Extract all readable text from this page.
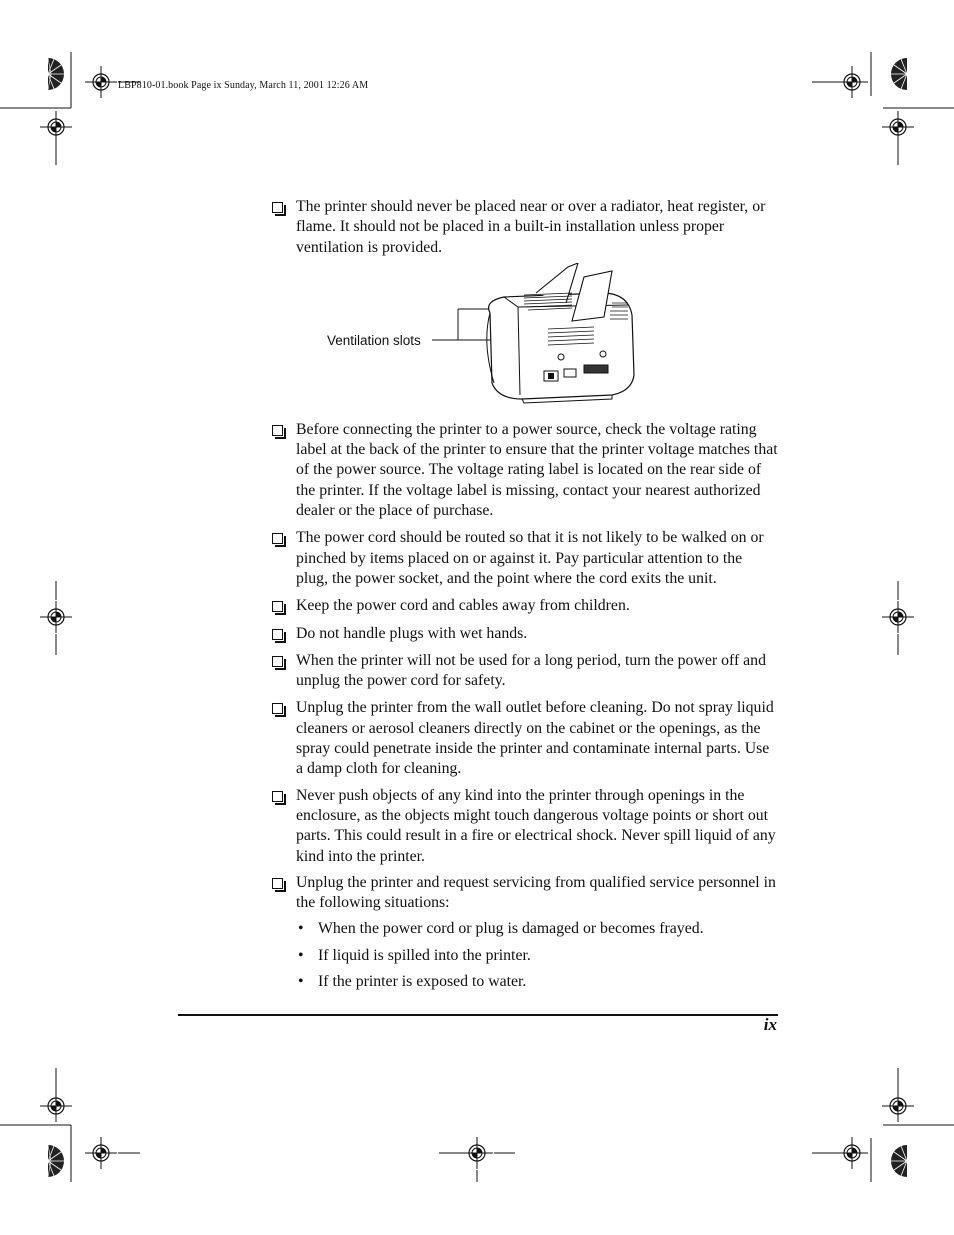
LBP810-01.book Page ix Sunday, March 11, 2001 12:26 AM
The printer should never be placed near or over a radiator, heat register, or flame. It should not be placed in a built-in installation unless proper ventilation is provided.
Ventilation slots
Before connecting the printer to a power source, check the voltage rating label at the back of the printer to ensure that the printer voltage matches that of the power source. The voltage rating label is located on the rear side of the printer. If the voltage label is missing, contact your nearest authorized dealer or the place of purchase.
The power cord should be routed so that it is not likely to be walked on or pinched by items placed on or against it. Pay particular attention to the plug, the power socket, and the point where the cord exits the unit.
Keep the power cord and cables away from children.
Do not handle plugs with wet hands.
When the printer will not be used for a long period, turn the power off and unplug the power cord for safety.
Unplug the printer from the wall outlet before cleaning. Do not spray liquid cleaners or aerosol cleaners directly on the cabinet or the openings, as the spray could penetrate inside the printer and contaminate internal parts. Use a damp cloth for cleaning.
Never push objects of any kind into the printer through openings in the enclosure, as the objects might touch dangerous voltage points or short out parts. This could result in a fire or electrical shock. Never spill liquid of any kind into the printer.
Unplug the printer and request servicing from qualified service personnel in the following situations:
• When the power cord or plug is damaged or becomes frayed.
• If liquid is spilled into the printer.
• If the printer is exposed to water.
ix
